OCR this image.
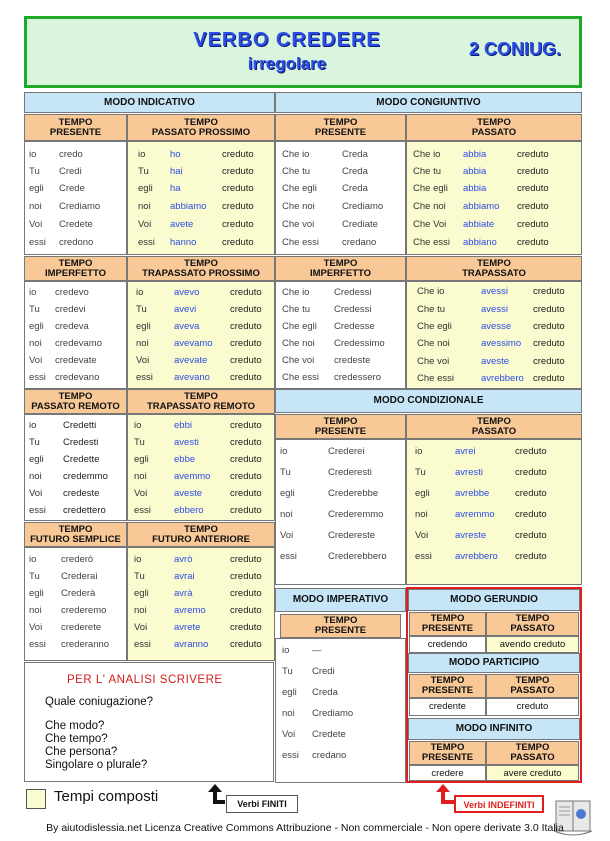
VERBO CREDERE
irregolare
2 CONIUG.
MODO INDICATIVO	MODO CONGIUNTIVO
TEMPO
PRESENTE
io credo
Tu Credi
egli Crede
noi Crediamo
Voi Credete
essi credono
TEMPO
PASSATO PROSSIMO
io	ho	creduto
Tu hai	creduto
egli ha	creduto
noi abbiamo creduto
Voi avete	creduto
essi hanno	creduto
TEMPO
IMPERFETTO
io credevo
Tu credevi
egli credeva
noi credevamo
Voi credevate
essi credevano
TEMPO
TRAPASSATO PROSSIMO
io	avevo	creduto
Tu	avevi	creduto
egli aveva	creduto
noi	avevamo creduto
Voi	avevate creduto
essi avevano creduto
TEMPO
PASSATO REMOTO
io	Credetti
Tu Credesti
egli Credette
noi credemmo
Voi credeste
essi credettero
TEMPO
TRAPASSATO REMOTO
io	ebbi	creduto
Tu	avesti	creduto
egli	ebbe	creduto
noi	avemmo creduto
Voi	aveste	creduto
essi ebbero	creduto
TEMPO
FUTURO SEMPLICE
io	crederò
Tu Crederai
egli Crederà
noi crederemo
Voi crederete
essi crederanno
TEMPO
FUTURO ANTERIORE
io	avrò	creduto
Tu	avrai	creduto
egli	avrà	creduto
noi	avremo	creduto
Voi	avrete	creduto
essi avranno creduto
TEMPO
PRESENTE
Che io	Creda
Che tu	Creda
Che egli	Creda
Che noi	Crediamo
Che voi	Crediate
Che essi credano
TEMPO
PASSATO
Che io abbia	creduto
Che tu abbia	creduto
Che egli abbia	creduto
Che noi abbiamo creduto
Che Voi abbiate creduto
Che essi abbiano creduto
TEMPO
IMPERFETTO
Che io	Credessi
Che tu	Credessi
Che egli Credesse
Che noi Credessimo
Che voi credeste
Che essi credessero
TEMPO
TRAPASSATO
Che io	avessi	creduto
Che tu	avessi	creduto
Che egli	avesse creduto
Che noi	avessimo creduto
Che voi	aveste	creduto
Che essi	avrebbero creduto
MODO CONDIZIONALE
TEMPO
PRESENTE
io	Crederei
Tu	Crederesti
egli	Crederebbe
noi	Crederemmo
Voi	Credereste
essi	Crederebbero
TEMPO
PASSATO
io	avrei	creduto
Tu	avresti	creduto
egli	avrebbe	creduto
noi	avremmo creduto
Voi	avreste	creduto
essi avrebbero creduto
MODO IMPERATIVO
TEMPO
PRESENTE
io —
Tu Credi
egli Creda
noi Crediamo
Voi Credete
essi credano
MODO GERUNDIO
TEMPO
PRESENTE
TEMPO
PASSATO
credendo	avendo creduto
MODO PARTICIPIO
TEMPO
PRESENTE
TEMPO
PASSATO
credente	creduto
MODO INFINITO
TEMPO
PRESENTE
TEMPO
PASSATO
credere	avere creduto
PER L' ANALISI SCRIVERE
Quale coniugazione?
Che modo?
Che tempo?
Che persona?
Singolare o plurale?
Tempi composti	Verbi FINITI	Verbi INDEFINITI
By aiutodislessia.net Licenza Creative Commons Attribuzione - Non commerciale - Non opere derivate 3.0 Italia
